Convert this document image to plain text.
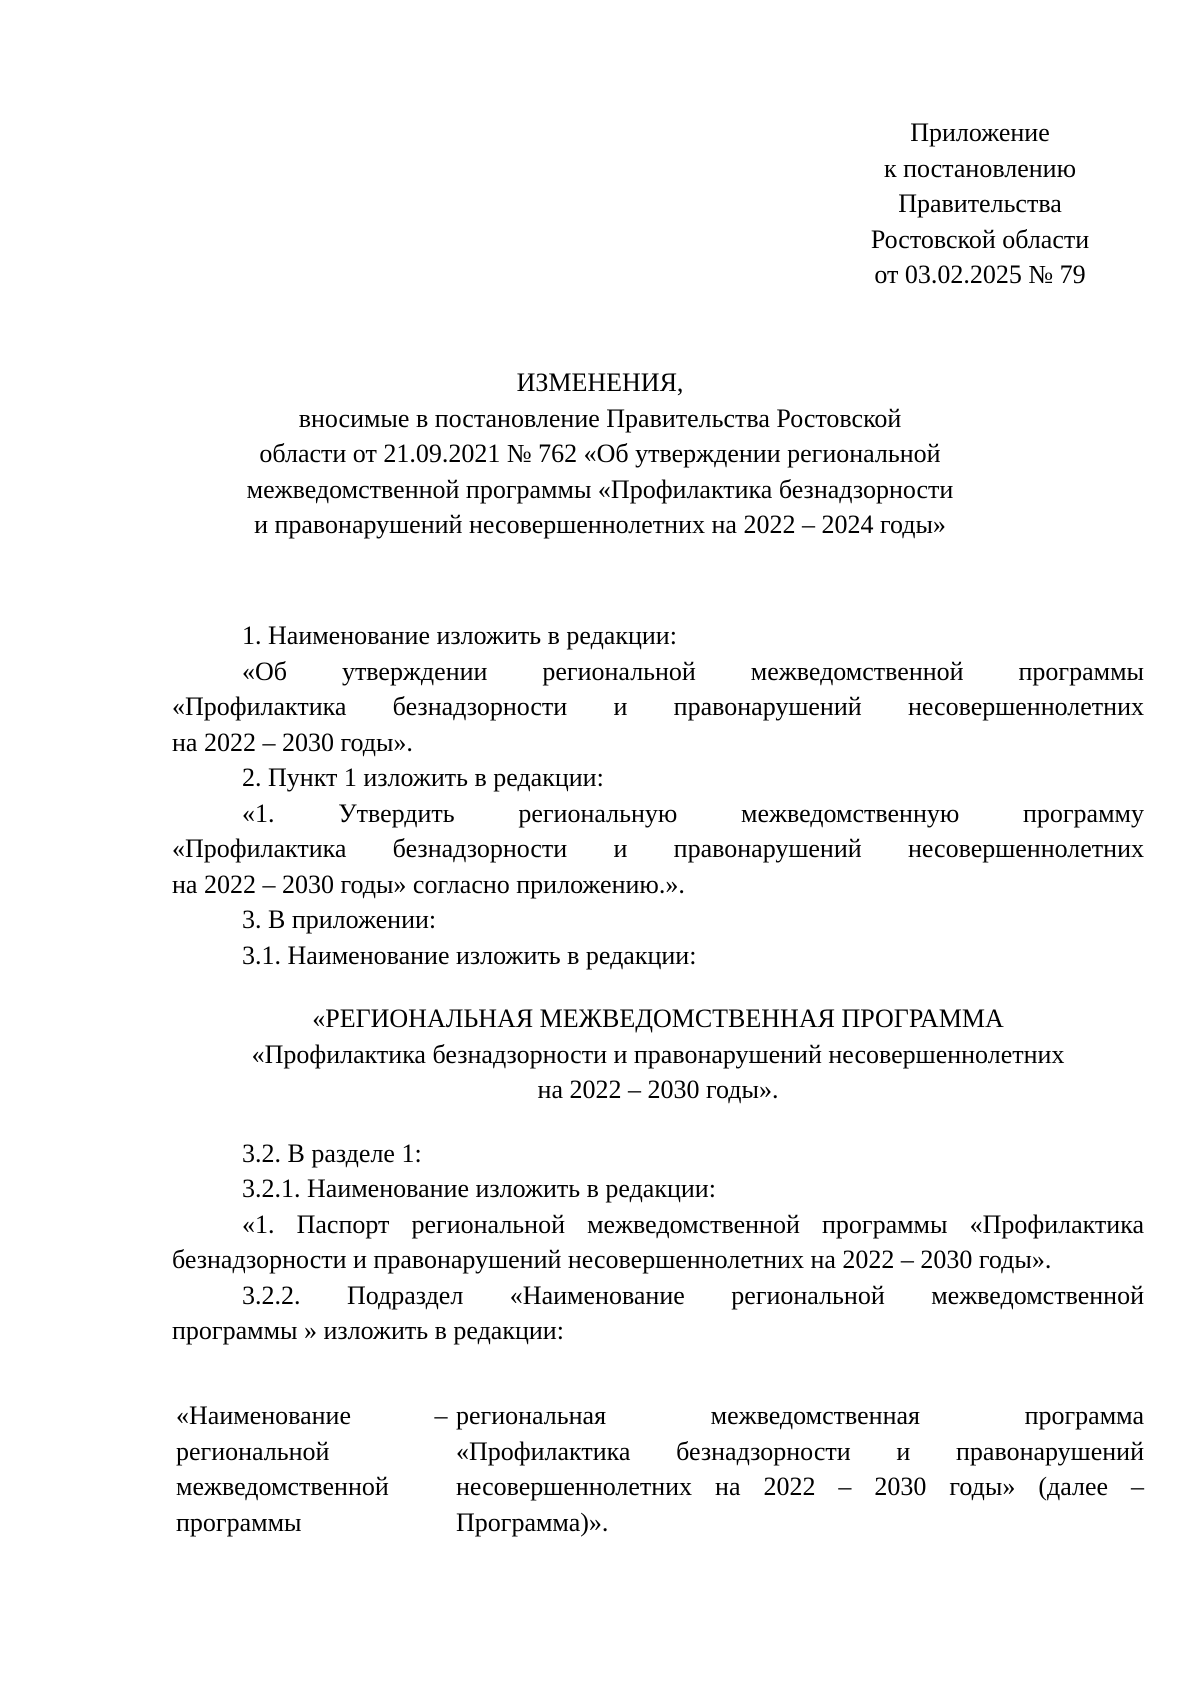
Приложение
к постановлению
Правительства
Ростовской области
от 03.02.2025 № 79
ИЗМЕНЕНИЯ,
вносимые в постановление Правительства Ростовской
области от 21.09.2021 № 762 «Об утверждении региональной
межведомственной программы «Профилактика безнадзорности
и правонарушений несовершеннолетних на 2022 – 2024 годы»

1. Наименование изложить в редакции:

«Об утверждении региональной межведомственной программы

«Профилактика безнадзорности и правонарушений несовершеннолетних

на 2022 – 2030 годы».

2. Пункт 1 изложить в редакции:

«1. Утвердить региональную межведомственную программу

«Профилактика безнадзорности и правонарушений несовершеннолетних

на 2022 – 2030 годы» согласно приложению.».

3. В приложении:

3.1. Наименование изложить в редакции:

«РЕГИОНАЛЬНАЯ МЕЖВЕДОМСТВЕННАЯ ПРОГРАММА
«Профилактика безнадзорности и правонарушений несовершеннолетних
на 2022 – 2030 годы».

3.2. В разделе 1:

3.2.1. Наименование изложить в редакции:

«1. Паспорт региональной межведомственной программы «Профилактика

безнадзорности и правонарушений несовершеннолетних на 2022 – 2030 годы».

3.2.2. Подраздел «Наименование региональной межведомственной

программы » изложить в редакции:

«Наименование
региональной
межведомственной
программы
– региональная межведомственная программа
«Профилактика безнадзорности и правонарушений
несовершеннолетних на 2022 – 2030 годы» (далее –
Программа)».
